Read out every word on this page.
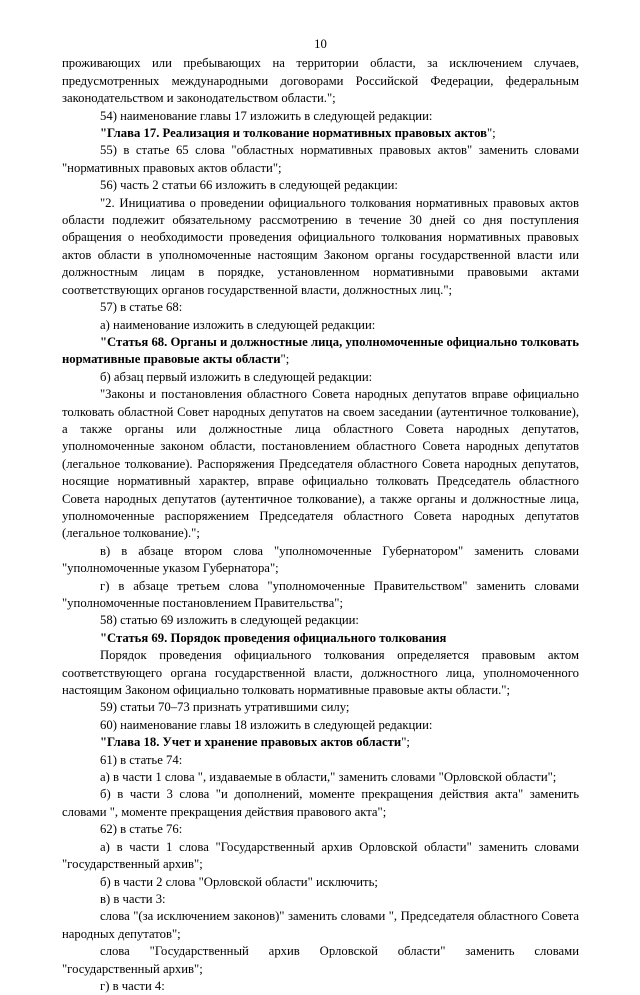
10

проживающих или пребывающих на территории области, за исключением случаев, предусмотренных международными договорами Российской Федерации, федеральным законодательством и законодательством области.";

54) наименование главы 17 изложить в следующей редакции:

"Глава 17. Реализация и толкование нормативных правовых актов";

55) в статье 65 слова "областных нормативных правовых актов" заменить словами "нормативных правовых актов области";

56) часть 2 статьи 66 изложить в следующей редакции:

"2. Инициатива о проведении официального толкования нормативных правовых актов области подлежит обязательному рассмотрению в течение 30 дней со дня поступления обращения о необходимости проведения официального толкования нормативных правовых актов области в уполномоченные настоящим Законом органы государственной власти или должностным лицам в порядке, установленном нормативными правовыми актами соответствующих органов государственной власти, должностных лиц.";

57) в статье 68:

а) наименование изложить в следующей редакции:

"Статья 68. Органы и должностные лица, уполномоченные официально толковать нормативные правовые акты области";

б) абзац первый изложить в следующей редакции:

"Законы и постановления областного Совета народных депутатов вправе официально толковать областной Совет народных депутатов на своем заседании (аутентичное толкование), а также органы или должностные лица областного Совета народных депутатов, уполномоченные законом области, постановлением областного Совета народных депутатов (легальное толкование). Распоряжения Председателя областного Совета народных депутатов, носящие нормативный характер, вправе официально толковать Председатель областного Совета народных депутатов (аутентичное толкование), а также органы и должностные лица, уполномоченные распоряжением Председателя областного Совета народных депутатов (легальное толкование).";

в) в абзаце втором слова "уполномоченные Губернатором" заменить словами "уполномоченные указом Губернатора";

г) в абзаце третьем слова "уполномоченные Правительством" заменить словами "уполномоченные постановлением Правительства";

58) статью 69 изложить в следующей редакции:

"Статья 69. Порядок проведения официального толкования

Порядок проведения официального толкования определяется правовым актом соответствующего органа государственной власти, должностного лица, уполномоченного настоящим Законом официально толковать нормативные правовые акты области.";

59) статьи 70–73 признать утратившими силу;

60) наименование главы 18 изложить в следующей редакции:

"Глава 18. Учет и хранение правовых актов области";

61) в статье 74:

а) в части 1 слова ", издаваемые в области," заменить словами "Орловской области";

б) в части 3 слова "и дополнений, моменте прекращения действия акта" заменить словами ", моменте прекращения действия правового акта";

62) в статье 76:

а) в части 1 слова "Государственный архив Орловской области" заменить словами "государственный архив";

б) в части 2 слова "Орловской области" исключить;

в) в части 3:

слова "(за исключением законов)" заменить словами ", Председателя областного Совета народных депутатов";

слова "Государственный архив Орловской области" заменить словами "государственный архив";

г) в части 4:
